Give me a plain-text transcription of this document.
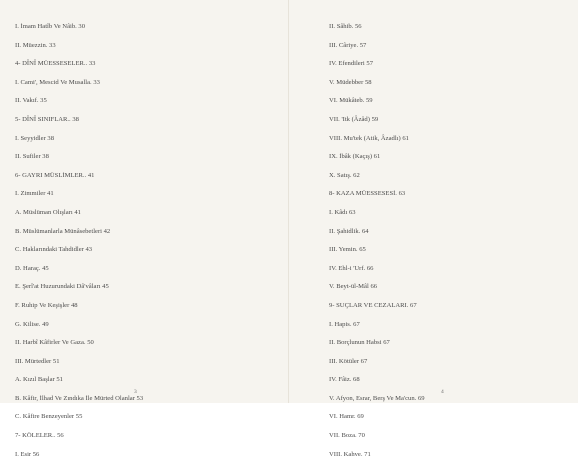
I. İmam Hatîb Ve Nâib. 30
II. Müezzin. 33
4- DÎNÎ MÜESSESELER.. 33
I. Cami', Mescid Ve Musalla. 33
II. Vakıf. 35
5- DÎNÎ SINIFLAR.. 38
I. Seyyidler 38
II. Sufiler 38
6- GAYRI MÜSLİMLER.. 41
I. Zimmiler 41
A. Müslüman Olışları 41
B. Müslümanlarla Münâsebetleri 42
C. Haklarındaki Tahdidler 43
D. Haraç. 45
E. Şerî'at Huzurundaki Dâ'vâları 45
F. Ruhip Ve Keşişler 48
G. Kilise. 49
II. Harbî Kâfirler Ve Gaza. 50
III. Mürtedler 51
A. Kızıl Başlar 51
B. Kâfir, İlhad Ve Zındıka İle Mürted Olanlar 53
C. Kâfire Benzeyenler 55
7- KÖLELER.. 56
I. Esir 56
3
II. Sâhib. 56
III. Câriye. 57
IV. Efendileri 57
V. Müdebber 58
VI. Mükâteb. 59
VII. 'Itk (Âzâd) 59
VIII. Mu'tek (Atik, Âzadlı) 61
IX. İbâk (Kaçış) 61
X. Satış. 62
8- KAZA MÜESSESESİ. 63
I. Kâdı 63
II. Şahidlik. 64
III. Yemin. 65
IV. Ehl-i 'Urf. 66
V. Beyt-ül-Mâl 66
9- SUÇLAR VE CEZALARI. 67
I. Hapis. 67
II. Borçlunun Habsi 67
III. Kötüler 67
IV. Fâiz. 68
V. Afyon, Esrar, Berş Ve Ma'cun. 69
VI. Hamr. 69
VII. Boza. 70
VIII. Kahve. 71
4
